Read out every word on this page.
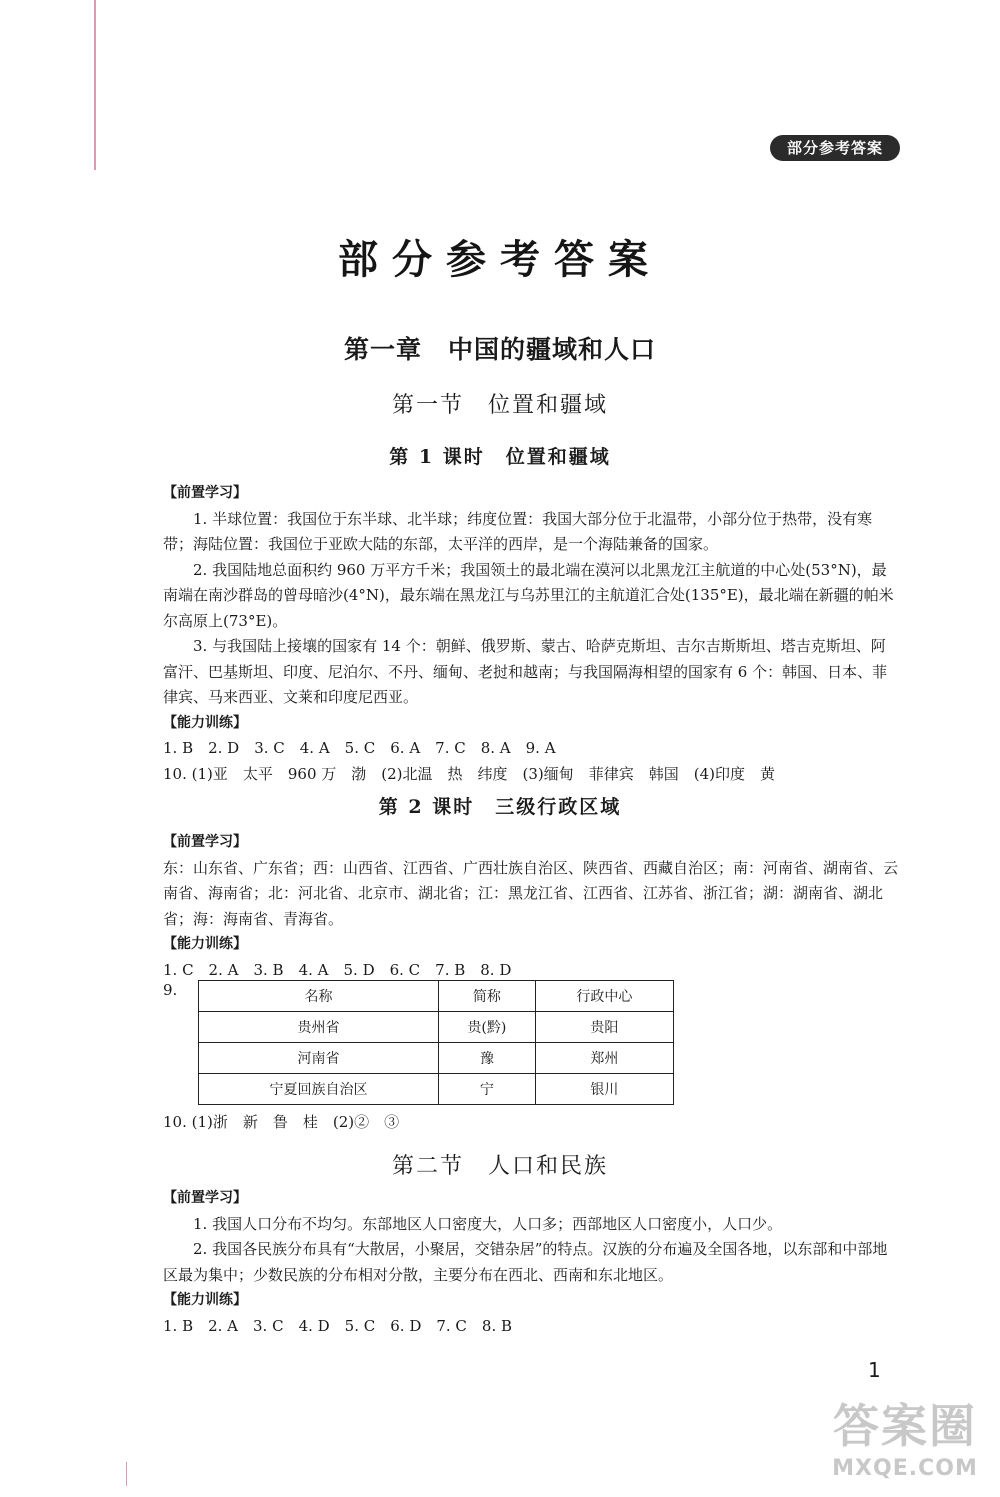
部分参考答案
部分参考答案
第一章　中国的疆域和人口
第一节　位置和疆域
第 1 课时　位置和疆域

【前置学习】

1. 半球位置：我国位于东半球、北半球；纬度位置：我国大部分位于北温带，小部分位于热带，没有寒带；海陆位置：我国位于亚欧大陆的东部，太平洋的西岸，是一个海陆兼备的国家。

2. 我国陆地总面积约 960 万平方千米；我国领土的最北端在漠河以北黑龙江主航道的中心处(53°N)，最南端在南沙群岛的曾母暗沙(4°N)，最东端在黑龙江与乌苏里江的主航道汇合处(135°E)，最北端在新疆的帕米尔高原上(73°E)。

3. 与我国陆上接壤的国家有 14 个：朝鲜、俄罗斯、蒙古、哈萨克斯坦、吉尔吉斯斯坦、塔吉克斯坦、阿富汗、巴基斯坦、印度、尼泊尔、不丹、缅甸、老挝和越南；与我国隔海相望的国家有 6 个：韩国、日本、菲律宾、马来西亚、文莱和印度尼西亚。

【能力训练】

1. B　2. D　3. C　4. A　5. C　6. A　7. C　8. A　9. A

10. (1)亚　太平　960 万　渤　(2)北温　热　纬度　(3)缅甸　菲律宾　韩国　(4)印度　黄

第 2 课时　三级行政区域

【前置学习】

东：山东省、广东省；西：山西省、江西省、广西壮族自治区、陕西省、西藏自治区；南：河南省、湖南省、云南省、海南省；北：河北省、北京市、湖北省；江：黑龙江省、江西省、江苏省、浙江省；湖：湖南省、湖北省；海：海南省、青海省。

【能力训练】

1. C　2. A　3. B　4. A　5. D　6. C　7. B　8. D

9.	名称	简称	行政中心
贵州省	贵(黔)	贵阳
河南省	豫	郑州
宁夏回族自治区	宁	银川

10. (1)浙　新　鲁　桂　(2)②　③

第二节　人口和民族

【前置学习】

1. 我国人口分布不均匀。东部地区人口密度大，人口多；西部地区人口密度小，人口少。

2. 我国各民族分布具有“大散居，小聚居，交错杂居”的特点。汉族的分布遍及全国各地，以东部和中部地区最为集中；少数民族的分布相对分散，主要分布在西北、西南和东北地区。

【能力训练】

1. B　2. A　3. C　4. D　5. C　6. D　7. C　8. B

1
答案圈
MXQE.COM
